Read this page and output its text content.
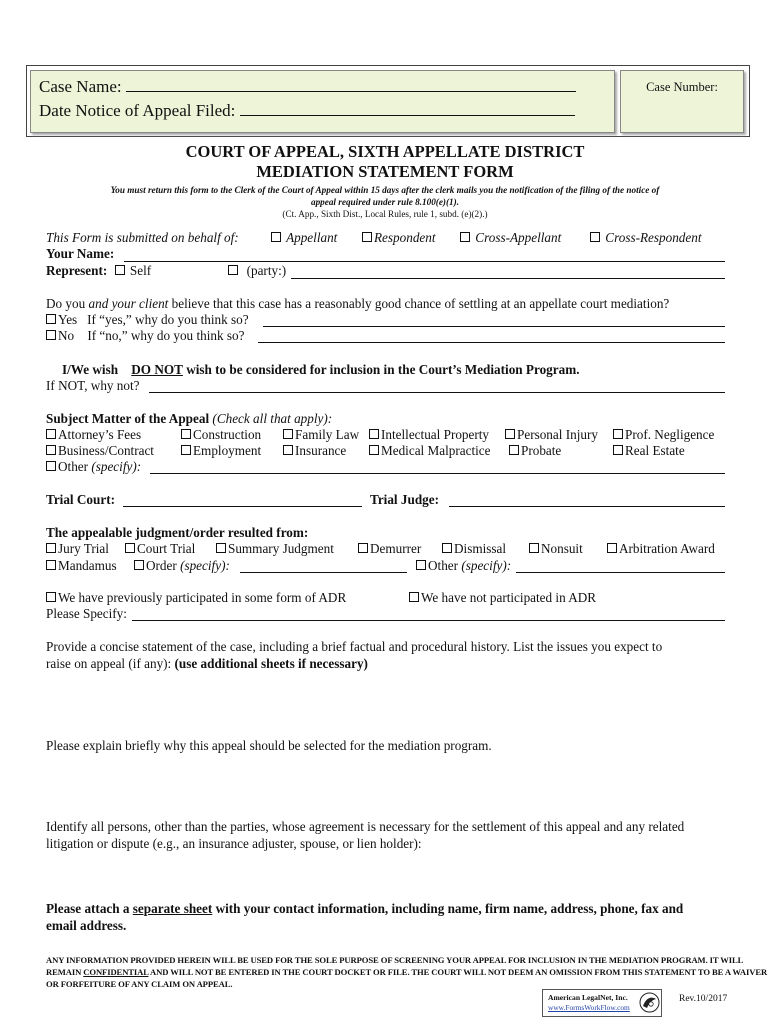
Case Name:
Date Notice of Appeal Filed:
Case Number:
COURT OF APPEAL, SIXTH APPELLATE DISTRICT
MEDIATION STATEMENT FORM
You must return this form to the Clerk of the Court of Appeal within 15 days after the clerk mails you the notification of the filing of the notice of
appeal required under rule 8.100(e)(1).
(Ct. App., Sixth Dist., Local Rules, rule 1, subd. (e)(2).)
This Form is submitted on behalf of:	Appellant	Respondent	Cross-Appellant	Cross-Respondent
Your Name:
Represent: Self	(party:)
Do you and your client believe that this case has a reasonably good chance of settling at an appellate court mediation?
Yes If “yes,” why do you think so?
No If “no,” why do you think so?
I/We wish DO NOT wish to be considered for inclusion in the Court’s Mediation Program.
If NOT, why not?
Subject Matter of the Appeal (Check all that apply):
Attorney’s Fees	Construction	Family Law	Intellectual Property	Personal Injury	Prof. Negligence
Business/Contract	Employment	Insurance	Medical Malpractice	Probate	Real Estate
Other (specify):
Trial Court:	Trial Judge:
The appealable judgment/order resulted from:
Jury Trial	Court Trial	Summary Judgment	Demurrer	Dismissal	Nonsuit	Arbitration Award
Mandamus	Order (specify):	Other (specify):
We have previously participated in some form of ADR	We have not participated in ADR
Please Specify:
Provide a concise statement of the case, including a brief factual and procedural history. List the issues you expect to
raise on appeal (if any): (use additional sheets if necessary)
Please explain briefly why this appeal should be selected for the mediation program.
Identify all persons, other than the parties, whose agreement is necessary for the settlement of this appeal and any related
litigation or dispute (e.g., an insurance adjuster, spouse, or lien holder):
Please attach a separate sheet with your contact information, including name, firm name, address, phone, fax and
email address.
ANY INFORMATION PROVIDED HEREIN WILL BE USED FOR THE SOLE PURPOSE OF SCREENING YOUR APPEAL FOR INCLUSION IN THE MEDIATION PROGRAM. IT WILL
REMAIN CONFIDENTIAL AND WILL NOT BE ENTERED IN THE COURT DOCKET OR FILE. THE COURT WILL NOT DEEM AN OMISSION FROM THIS STATEMENT TO BE A WAIVER
OR FORFEITURE OF ANY CLAIM ON APPEAL.
American LegalNet, Inc.
www.FormsWorkFlow.com
Rev.10/2017
